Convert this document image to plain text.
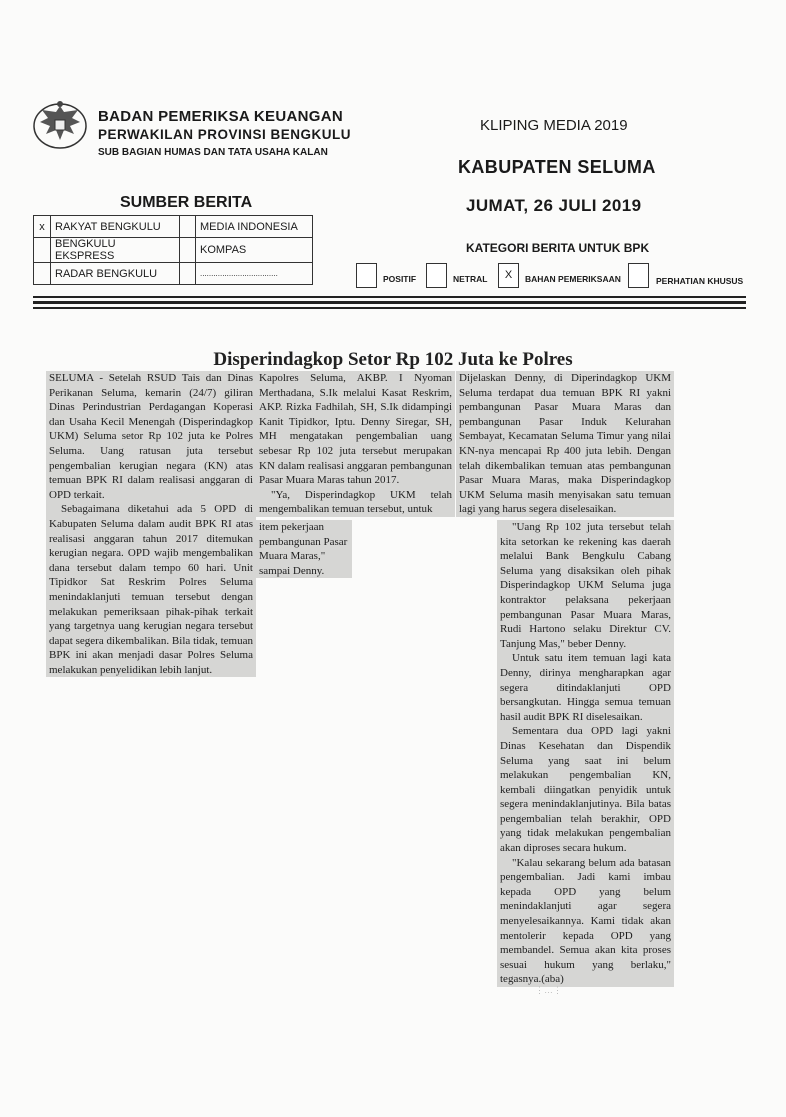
BADAN PEMERIKSA KEUANGAN
PERWAKILAN PROVINSI BENGKULU
SUB BAGIAN HUMAS DAN TATA USAHA KALAN
KLIPING MEDIA 2019
KABUPATEN SELUMA
JUMAT, 26 JULI 2019
SUMBER BERITA
x	RAKYAT BENGKULU		MEDIA INDONESIA
	BENGKULU EKSPRESS		KOMPAS
	RADAR BENGKULU		...................................
KATEGORI BERITA UNTUK BPK
POSITIF	NETRAL	X	BAHAN PEMERIKSAAN	PERHATIAN KHUSUS
Disperindagkop Setor Rp 102 Juta ke Polres

SELUMA - Setelah RSUD Tais dan Dinas Perikanan Seluma, kemarin (24/7) giliran Dinas Perindustrian Perdagangan Koperasi dan Usaha Kecil Menengah (Disperindagkop UKM) Seluma setor Rp 102 juta ke Polres Seluma. Uang ratusan juta tersebut pengembalian kerugian negara (KN) atas temuan BPK RI dalam realisasi anggaran di OPD terkait.

Sebagaimana diketahui ada 5 OPD di Kabupaten Seluma dalam audit BPK RI atas realisasi anggaran tahun 2017 ditemukan kerugian negara. OPD wajib mengembalikan dana tersebut dalam tempo 60 hari. Unit Tipidkor Sat Reskrim Polres Seluma menindaklanjuti temuan tersebut dengan melakukan pemeriksaan pihak-pihak terkait yang targetnya uang kerugian negara tersebut dapat segera dikembalikan. Bila tidak, temuan BPK ini akan menjadi dasar Polres Seluma melakukan penyelidikan lebih lanjut.

Kapolres Seluma, AKBP. I Nyoman Merthadana, S.Ik melalui Kasat Reskrim, AKP. Rizka Fadhilah, SH, S.Ik didampingi Kanit Tipidkor, Iptu. Denny Siregar, SH, MH mengatakan pengembalian uang sebesar Rp 102 juta tersebut merupakan KN dalam realisasi anggaran pembangunan Pasar Muara Maras tahun 2017.

"Ya, Disperindagkop UKM telah mengembalikan temuan tersebut, untuk

item pekerjaan pembangunan Pasar Muara Maras," sampai Denny.

Dijelaskan Denny, di Diperindagkop UKM Seluma terdapat dua temuan BPK RI yakni pembangunan Pasar Muara Maras dan pembangunan Pasar Induk Kelurahan Sembayat, Kecamatan Seluma Timur yang nilai KN-nya mencapai Rp 400 juta lebih. Dengan telah dikembalikan temuan atas pembangunan Pasar Muara Maras, maka Disperindagkop UKM Seluma masih menyisakan satu temuan lagi yang harus segera diselesaikan.

"Uang Rp 102 juta tersebut telah kita setorkan ke rekening kas daerah melalui Bank Bengkulu Cabang Seluma yang disaksikan oleh pihak Disperindagkop UKM Seluma juga kontraktor pelaksana pekerjaan pembangunan Pasar Muara Maras, Rudi Hartono selaku Direktur CV. Tanjung Mas," beber Denny.

Untuk satu item temuan lagi kata Denny, dirinya mengharapkan agar segera ditindaklanjuti OPD bersangkutan. Hingga semua temuan hasil audit BPK RI diselesaikan.

Sementara dua OPD lagi yakni Dinas Kesehatan dan Dispendik Seluma yang saat ini belum melakukan pengembalian KN, kembali diingatkan penyidik untuk segera menindaklanjutinya. Bila batas pengembalian telah berakhir, OPD yang tidak melakukan pengembalian akan diproses secara hukum.

"Kalau sekarang belum ada batasan pengembalian. Jadi kami imbau kepada OPD yang belum menindaklanjuti agar segera menyelesaikannya. Kami tidak akan mentolerir kepada OPD yang membandel. Semua akan kita proses sesuai hukum yang berlaku," tegasnya.(aba)

⋮…⋮
